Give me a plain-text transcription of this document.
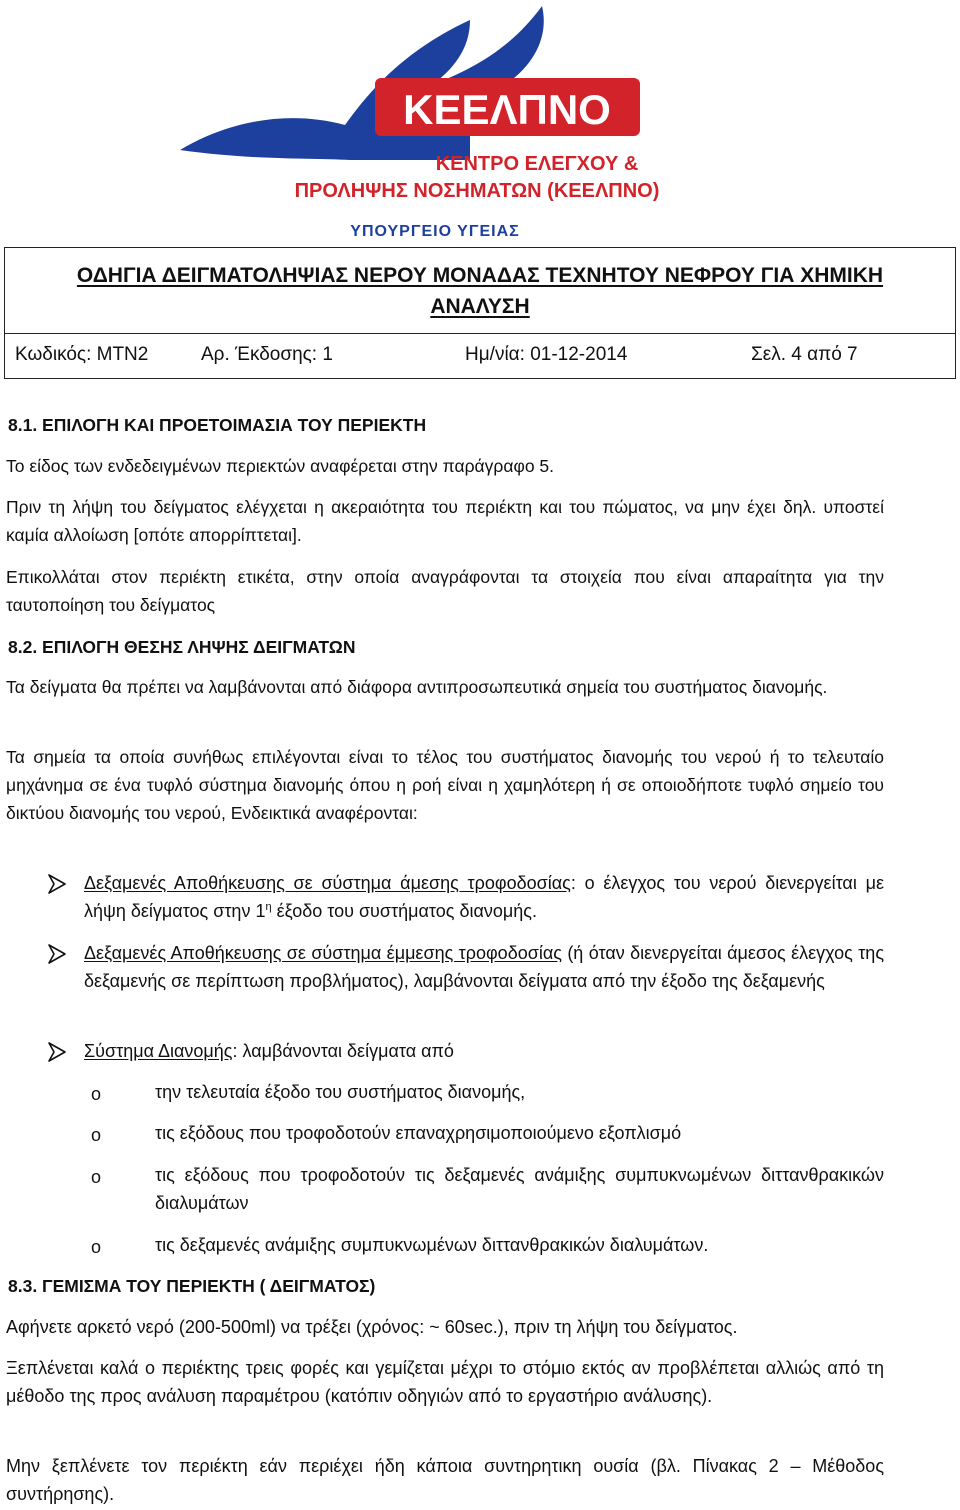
ΚΕΕΛΠΝΟ
ΚΕΝΤΡΟ ΕΛΕΓΧΟΥ &
ΠΡΟΛΗΨΗΣ ΝΟΣΗΜΑΤΩΝ (ΚΕΕΛΠΝΟ)
ΥΠΟΥΡΓΕΙΟ ΥΓΕΙΑΣ
ΟΔΗΓΙΑ ΔΕΙΓΜΑΤΟΛΗΨΙΑΣ ΝΕΡΟΥ ΜΟΝΑΔΑΣ ΤΕΧΝΗΤΟΥ ΝΕΦΡΟΥ ΓΙΑ ΧΗΜΙΚΗ ΑΝΑΛΥΣΗ
Κωδικός: ΜΤΝ2	Αρ. Έκδοσης: 1	Ημ/νία: 01-12-2014	Σελ. 4 από 7

8.1. ΕΠΙΛΟΓΗ ΚΑΙ ΠΡΟΕΤΟΙΜΑΣΙΑ ΤΟΥ ΠΕΡΙΕΚΤΗ

Το είδος των ενδεδειγμένων περιεκτών αναφέρεται στην παράγραφο 5.

Πριν τη λήψη του δείγματος ελέγχεται η ακεραιότητα του περιέκτη και του πώματος, να μην έχει δηλ. υποστεί καμία αλλοίωση [οπότε απορρίπτεται].

Επικολλάται στον περιέκτη ετικέτα, στην οποία αναγράφονται τα στοιχεία που είναι απαραίτητα για την ταυτοποίηση του δείγματος

8.2. ΕΠΙΛΟΓΗ ΘΕΣΗΣ ΛΗΨΗΣ ΔΕΙΓΜΑΤΩΝ

Τα δείγματα θα πρέπει να λαμβάνονται από διάφορα αντιπροσωπευτικά σημεία του συστήματος διανομής.

Τα σημεία τα οποία συνήθως επιλέγονται είναι το τέλος του συστήματος διανομής του νερού ή το τελευταίο μηχάνημα σε ένα τυφλό σύστημα διανομής όπου η ροή είναι η χαμηλότερη ή σε οποιοδήποτε τυφλό σημείο του δικτύου διανομής του νερού, Ενδεικτικά αναφέρονται:

Δεξαμενές Αποθήκευσης σε σύστημα άμεσης τροφοδοσίας: ο έλεγχος του νερού διενεργείται με λήψη δείγματος στην $1^\eta$ έξοδο του συστήματος διανομής.

Δεξαμενές Αποθήκευσης σε σύστημα έμμεσης τροφοδοσίας (ή όταν διενεργείται άμεσος έλεγχος της δεξαμενής σε περίπτωση προβλήματος), λαμβάνονται δείγματα από την έξοδο της δεξαμενής

Σύστημα Διανομής: λαμβάνονται δείγματα από

o	την τελευταία έξοδο του συστήματος διανομής,

o	τις εξόδους που τροφοδοτούν επαναχρησιμοποιούμενο εξοπλισμό

o	τις εξόδους που τροφοδοτούν τις δεξαμενές ανάμιξης συμπυκνωμένων διττανθρακικών διαλυμάτων

o	τις δεξαμενές ανάμιξης συμπυκνωμένων διττανθρακικών διαλυμάτων.

8.3. ΓΕΜΙΣΜΑ ΤΟΥ ΠΕΡΙΕΚΤΗ ( ΔΕΙΓΜΑΤΟΣ)

Αφήνετε αρκετό νερό (200-500ml) να τρέξει (χρόνος: ~ 60sec.), πριν τη λήψη του δείγματος.

Ξεπλένεται καλά ο περιέκτης τρεις φορές και γεμίζεται μέχρι το στόμιο εκτός αν προβλέπεται αλλιώς από τη μέθοδο της προς ανάλυση παραμέτρου (κατόπιν οδηγιών από το εργαστήριο ανάλυσης).

Μην ξεπλένετε τον περιέκτη εάν περιέχει ήδη κάποια συντηρητικη ουσία (βλ. Πίνακας 2 – Μέθοδος συντήρησης).
